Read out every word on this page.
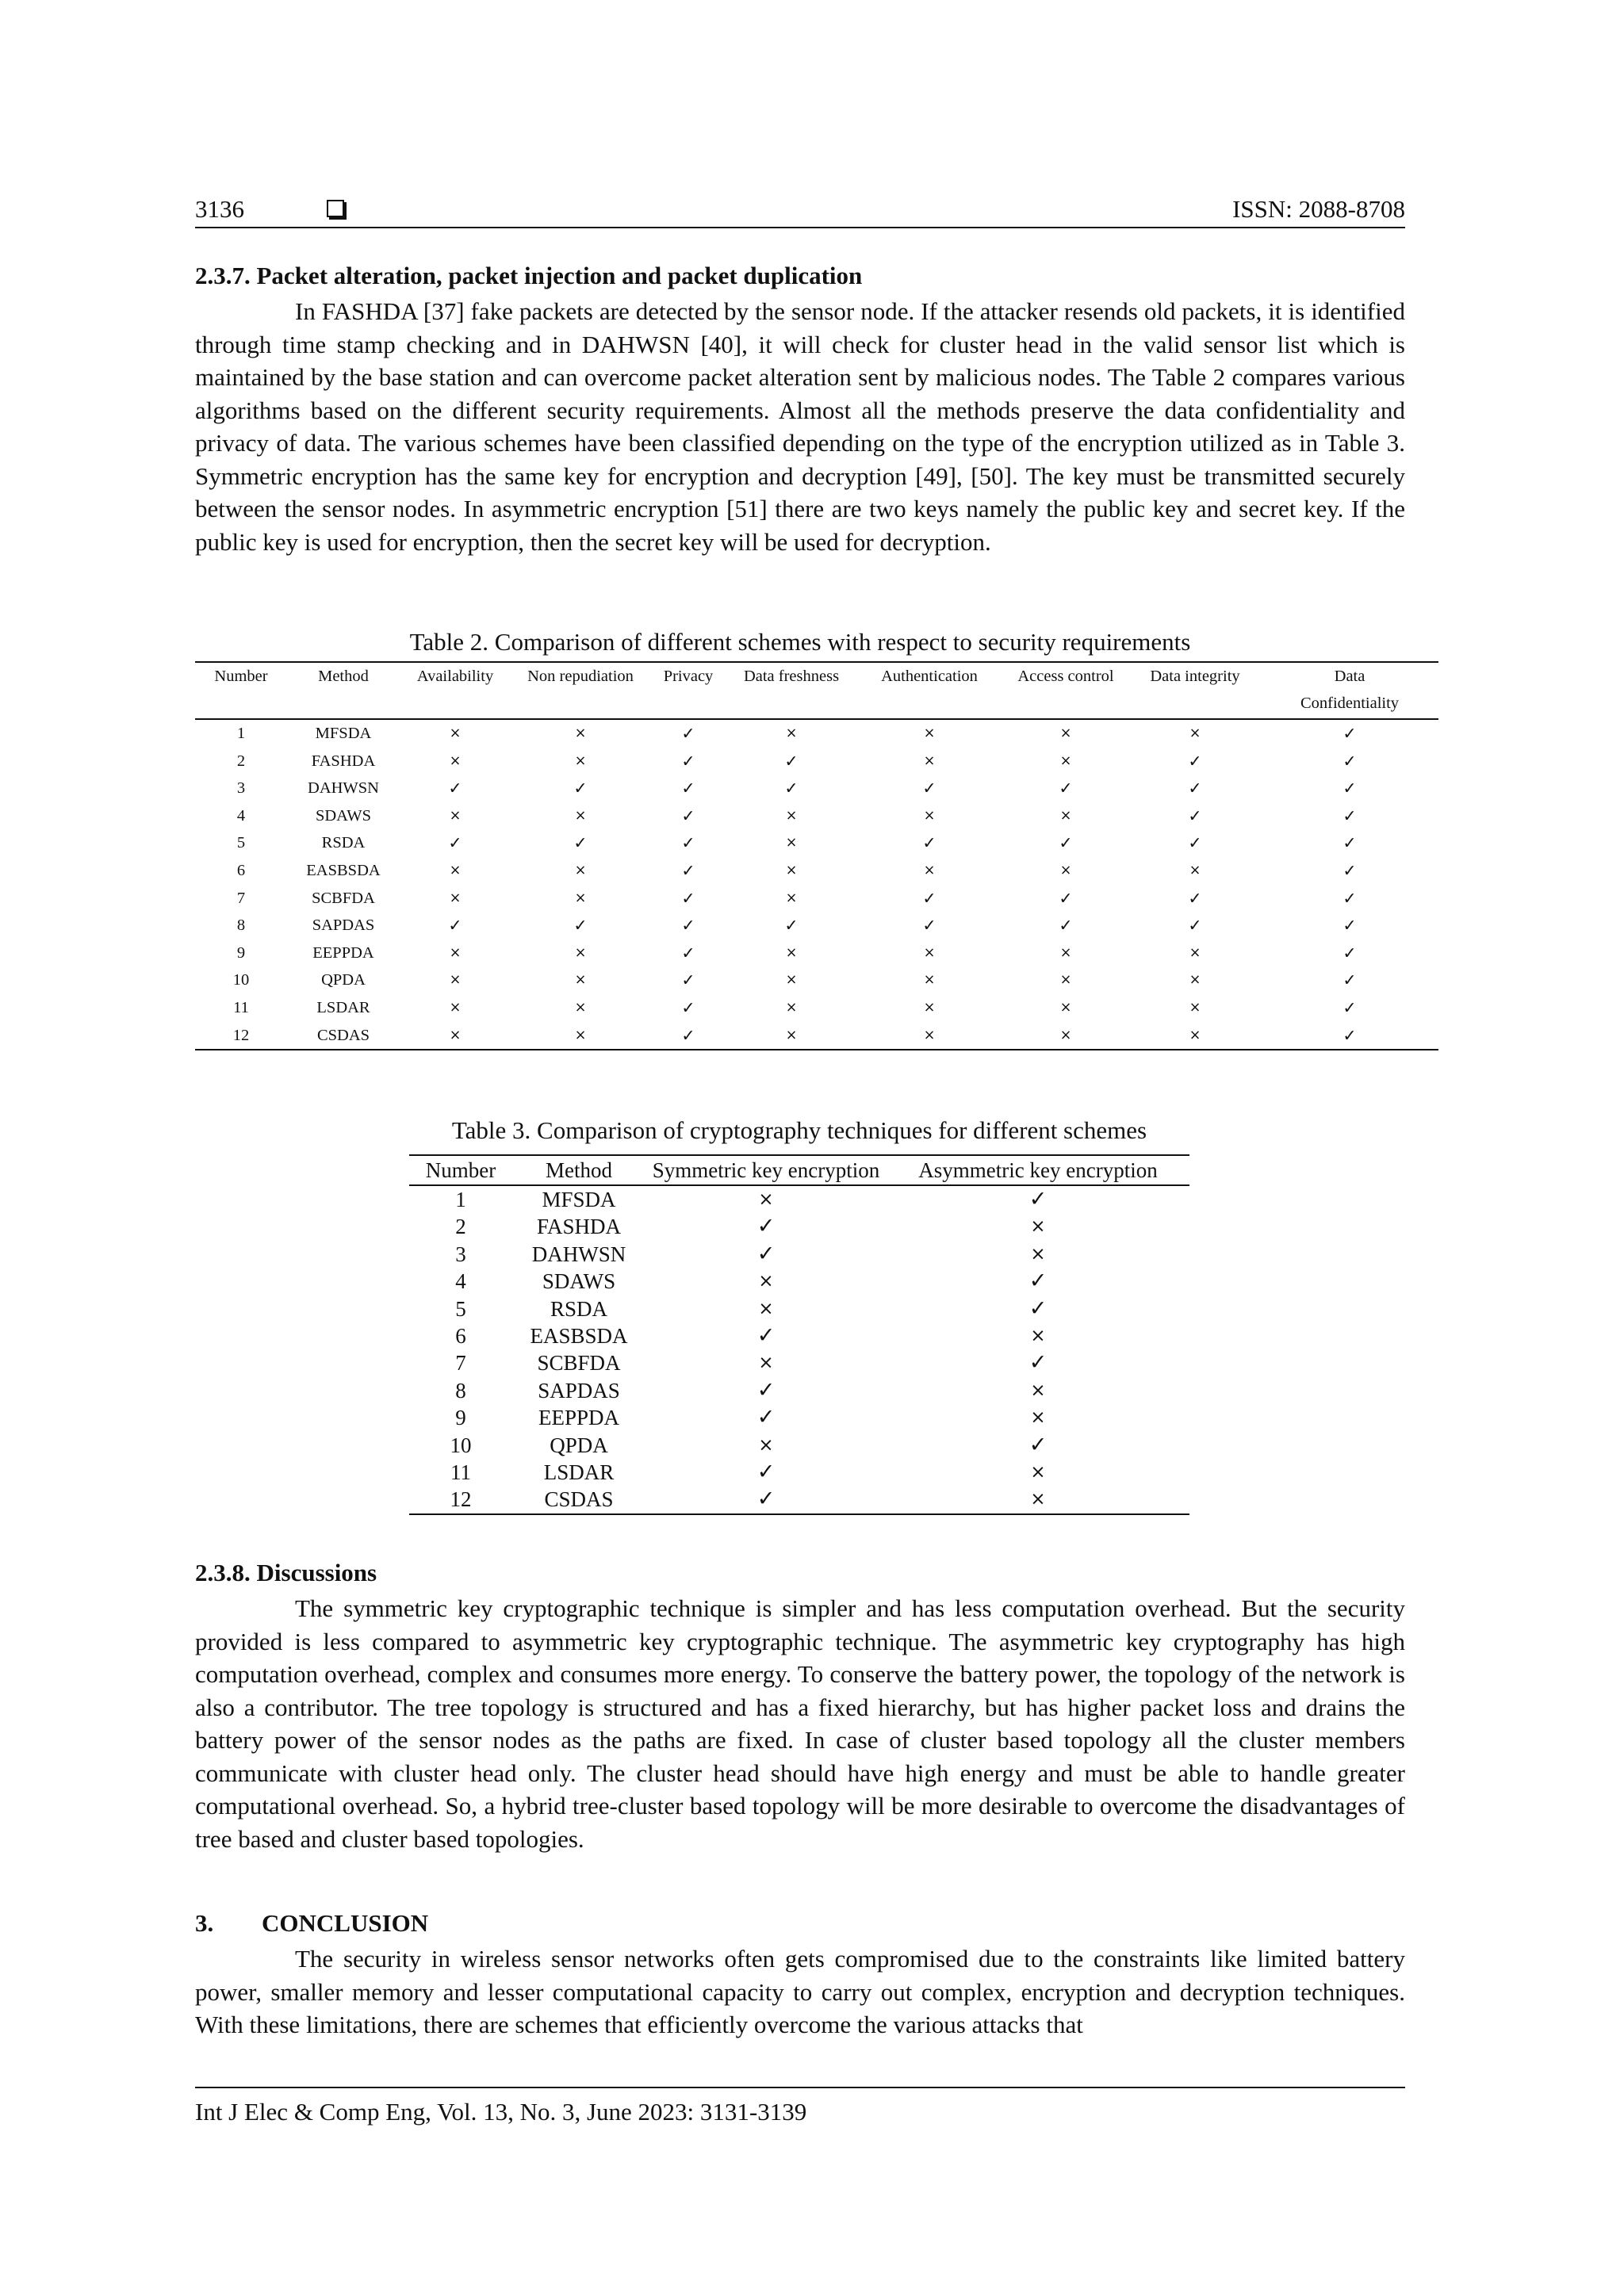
3136	ISSN: 2088-8708
2.3.7. Packet alteration, packet injection and packet duplication
In FASHDA [37] fake packets are detected by the sensor node. If the attacker resends old packets, it is identified through time stamp checking and in DAHWSN [40], it will check for cluster head in the valid sensor list which is maintained by the base station and can overcome packet alteration sent by malicious nodes. The Table 2 compares various algorithms based on the different security requirements. Almost all the methods preserve the data confidentiality and privacy of data. The various schemes have been classified depending on the type of the encryption utilized as in Table 3. Symmetric encryption has the same key for encryption and decryption [49], [50]. The key must be transmitted securely between the sensor nodes. In asymmetric encryption [51] there are two keys namely the public key and secret key. If the public key is used for encryption, then the secret key will be used for decryption.
Table 2. Comparison of different schemes with respect to security requirements
Number	Method	Availability	Non repudiation	Privacy	Data freshness	Authentication	Access control	Data integrity	Data
Confidentiality

1	MFSDA	×	×	✓	×	×	×	×	✓
2	FASHDA	×	×	✓	✓	×	×	✓	✓
3	DAHWSN	✓	✓	✓	✓	✓	✓	✓	✓
4	SDAWS	×	×	✓	×	×	×	✓	✓
5	RSDA	✓	✓	✓	×	✓	✓	✓	✓
6	EASBSDA	×	×	✓	×	×	×	×	✓
7	SCBFDA	×	×	✓	×	✓	✓	✓	✓
8	SAPDAS	✓	✓	✓	✓	✓	✓	✓	✓
9	EEPPDA	×	×	✓	×	×	×	×	✓
10	QPDA	×	×	✓	×	×	×	×	✓
11	LSDAR	×	×	✓	×	×	×	×	✓
12	CSDAS	×	×	✓	×	×	×	×	✓
Table 3. Comparison of cryptography techniques for different schemes
Number	Method	Symmetric key encryption	Asymmetric key encryption
1	MFSDA	×	✓
2	FASHDA	✓	×
3	DAHWSN	✓	×
4	SDAWS	×	✓
5	RSDA	×	✓
6	EASBSDA	✓	×
7	SCBFDA	×	✓
8	SAPDAS	✓	×
9	EEPPDA	✓	×
10	QPDA	×	✓
11	LSDAR	✓	×
12	CSDAS	✓	×
2.3.8. Discussions
The symmetric key cryptographic technique is simpler and has less computation overhead. But the security provided is less compared to asymmetric key cryptographic technique. The asymmetric key cryptography has high computation overhead, complex and consumes more energy. To conserve the battery power, the topology of the network is also a contributor. The tree topology is structured and has a fixed hierarchy, but has higher packet loss and drains the battery power of the sensor nodes as the paths are fixed. In case of cluster based topology all the cluster members communicate with cluster head only. The cluster head should have high energy and must be able to handle greater computational overhead. So, a hybrid tree-cluster based topology will be more desirable to overcome the disadvantages of tree based and cluster based topologies.
3. CONCLUSION
The security in wireless sensor networks often gets compromised due to the constraints like limited battery power, smaller memory and lesser computational capacity to carry out complex, encryption and decryption techniques. With these limitations, there are schemes that efficiently overcome the various attacks that
Int J Elec & Comp Eng, Vol. 13, No. 3, June 2023: 3131-3139
